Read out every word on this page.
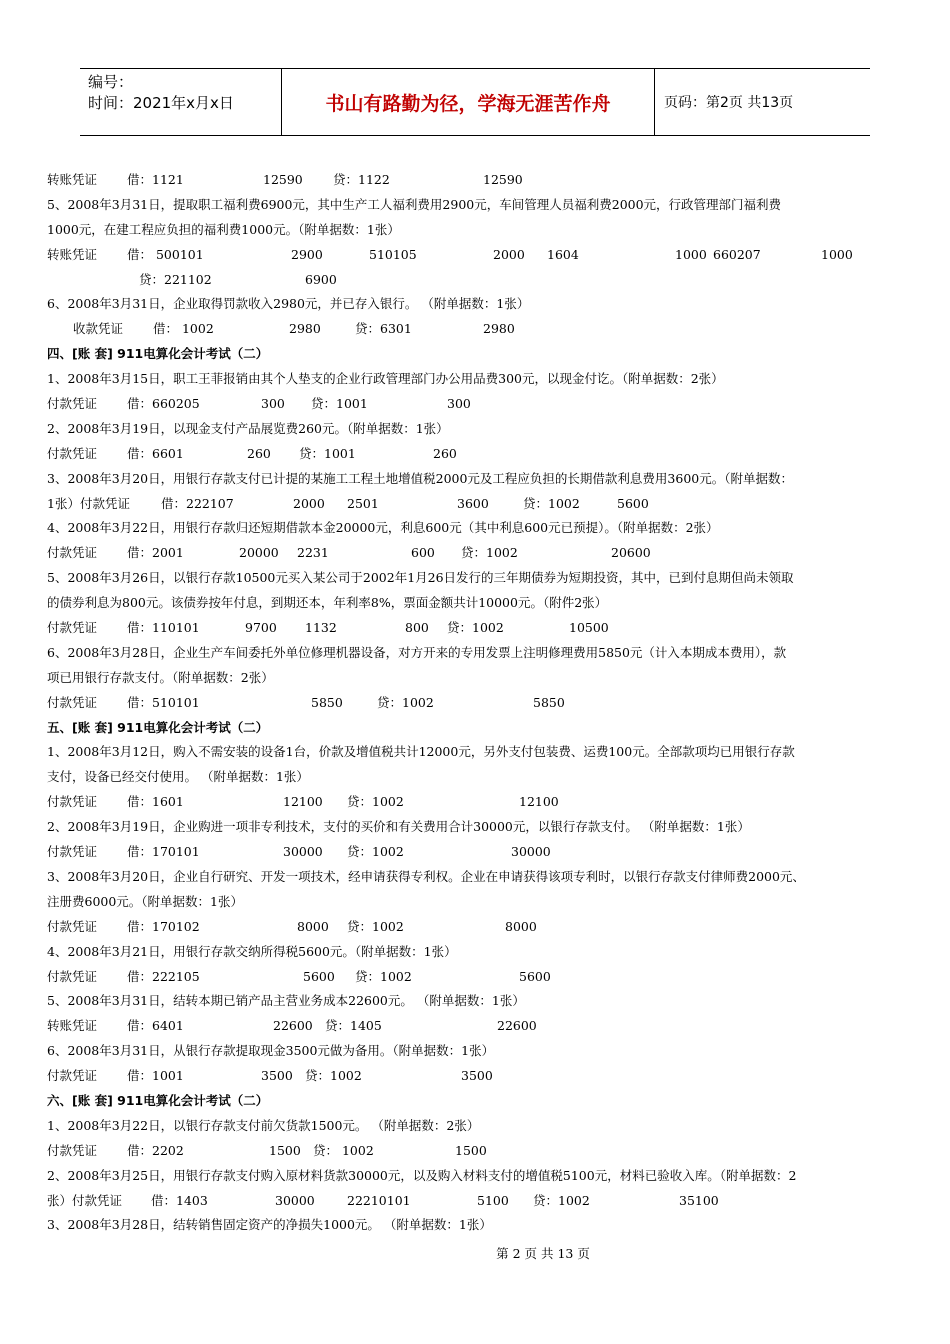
编号：
时间：2021年x月x日	书山有路勤为径，学海无涯苦作舟	页码：第2页 共13页
转账凭证 借：1121	12590 贷：1122	12590
5、2008年3月31日，提取职工福利费6900元，其中生产工人福利费用2900元，车间管理人员福利费2000元，行政管理部门福利费
1000元，在建工程应负担的福利费1000元。（附单据数：1张）
转账凭证 借： 500101	2900	510105	2000 1604	1000 660207	1000
贷：221102	6900
6、2008年3月31日，企业取得罚款收入2980元，并已存入银行。 （附单据数：1张）
收款凭证 借： 1002	2980	贷：6301	2980
四、[账 套] 911电算化会计考试（二）
1、2008年3月15日，职工王菲报销由其个人垫支的企业行政管理部门办公用品费300元，以现金付讫。（附单据数：2张）
付款凭证 借：660205	300 贷：1001	300
2、2008年3月19日，以现金支付产品展览费260元。（附单据数：1张）
付款凭证 借：6601	260 贷：1001	260
3、2008年3月20日，用银行存款支付已计提的某施工工程土地增值税2000元及工程应负担的长期借款利息费用3600元。（附单据数：
1张）付款凭证 借：222107	2000 2501	3600	贷：1002	5600
4、2008年3月22日，用银行存款归还短期借款本金20000元，利息600元（其中利息600元已预提）。（附单据数：2张）
付款凭证 借：2001	20000 2231	600 贷：1002	20600
5、2008年3月26日，以银行存款10500元买入某公司于2002年1月26日发行的三年期债券为短期投资，其中，已到付息期但尚未领取
的债券利息为800元。该债券按年付息，到期还本，年利率8%，票面金额共计10000元。（附件2张）
付款凭证 借：110101	9700 1132	800 贷：1002	10500
6、2008年3月28日，企业生产车间委托外单位修理机器设备，对方开来的专用发票上注明修理费用5850元（计入本期成本费用），款
项已用银行存款支付。（附单据数：2张）
付款凭证 借：510101	5850	贷：1002	5850
五、[账 套] 911电算化会计考试（二）
1、2008年3月12日，购入不需安装的设备1台，价款及增值税共计12000元，另外支付包装费、运费100元。全部款项均已用银行存款
支付，设备已经交付使用。 （附单据数：1张）
付款凭证 借：1601	12100 贷：1002	12100
2、2008年3月19日，企业购进一项非专利技术，支付的买价和有关费用合计30000元，以银行存款支付。 （附单据数：1张）
付款凭证 借：170101	30000 贷：1002	30000
3、2008年3月20日，企业自行研究、开发一项技术，经申请获得专利权。企业在申请获得该项专利时，以银行存款支付律师费2000元、
注册费6000元。（附单据数：1张）
付款凭证 借：170102	8000 贷：1002	8000
4、2008年3月21日，用银行存款交纳所得税5600元。（附单据数：1张）
付款凭证 借：222105	5600 贷：1002	5600
5、2008年3月31日，结转本期已销产品主营业务成本22600元。 （附单据数：1张）
转账凭证 借：6401	22600 贷：1405	22600
6、2008年3月31日，从银行存款提取现金3500元做为备用。（附单据数：1张）
付款凭证 借：1001	3500 贷：1002	3500
六、[账 套] 911电算化会计考试（二）
1、2008年3月22日，以银行存款支付前欠货款1500元。 （附单据数：2张）
付款凭证 借：2202	1500 贷： 1002	1500
2、2008年3月25日，用银行存款支付购入原材料货款30000元，以及购入材料支付的增值税5100元，材料已验收入库。（附单据数：2
张）付款凭证 借：1403	30000	22210101	5100 贷：1002	35100
3、2008年3月28日，结转销售固定资产的净损失1000元。 （附单据数：1张）
第 2 页 共 13 页
